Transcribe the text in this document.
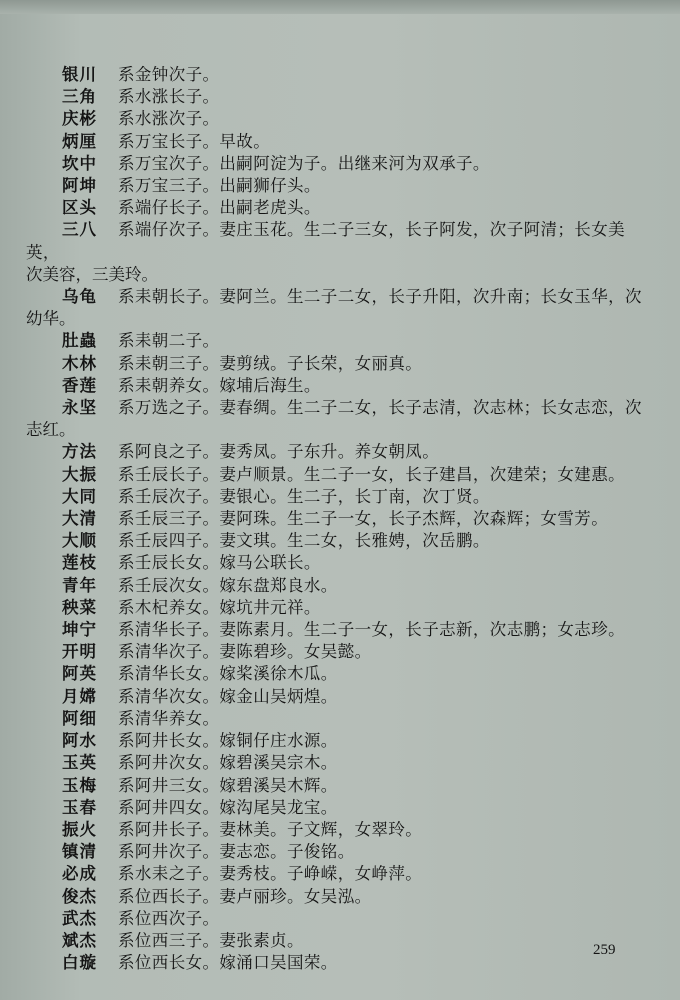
银川 系金钟次子。
三角 系水涨长子。
庆彬 系水涨次子。
炳厘 系万宝长子。早故。
坎中 系万宝次子。出嗣阿淀为子。出继来河为双承子。
阿坤 系万宝三子。出嗣狮仔头。
区头 系端仔长子。出嗣老虎头。
三八 系端仔次子。妻庄玉花。生二子三女，长子阿发，次子阿清；长女美英，
次美容，三美玲。
乌龟 系耒朝长子。妻阿兰。生二子二女，长子升阳，次升南；长女玉华，次
幼华。
肚蟲 系耒朝二子。
木林 系耒朝三子。妻剪绒。子长荣，女丽真。
香莲 系耒朝养女。嫁埔后海生。
永坚 系万选之子。妻春绸。生二子二女，长子志清，次志林；长女志恋，次
志红。
方法 系阿良之子。妻秀凤。子东升。养女朝凤。
大振 系壬辰长子。妻卢顺景。生二子一女，长子建昌，次建荣；女建惠。
大同 系壬辰次子。妻银心。生二子，长丁南，次丁贤。
大清 系壬辰三子。妻阿珠。生二子一女，长子杰辉，次森辉；女雪芳。
大顺 系壬辰四子。妻文琪。生二女，长雅娉，次岳鹏。
莲枝 系壬辰长女。嫁马公联长。
青年 系壬辰次女。嫁东盘郑良水。
秧菜 系木杞养女。嫁坑井元祥。
坤宁 系清华长子。妻陈素月。生二子一女，长子志新，次志鹏；女志珍。
开明 系清华次子。妻陈碧珍。女吴懿。
阿英 系清华长女。嫁桨溪徐木瓜。
月嫦 系清华次女。嫁金山吴炳煌。
阿细 系清华养女。
阿水 系阿井长女。嫁铜仔庄水源。
玉英 系阿井次女。嫁碧溪吴宗木。
玉梅 系阿井三女。嫁碧溪吴木辉。
玉春 系阿井四女。嫁沟尾吴龙宝。
振火 系阿井长子。妻林美。子文辉，女翠玲。
镇清 系阿井次子。妻志恋。子俊铭。
必成 系水耒之子。妻秀枝。子峥嵘，女峥萍。
俊杰 系位西长子。妻卢丽珍。女吴泓。
武杰 系位西次子。
斌杰 系位西三子。妻张素贞。
白璇 系位西长女。嫁涌口吴国荣。
259
